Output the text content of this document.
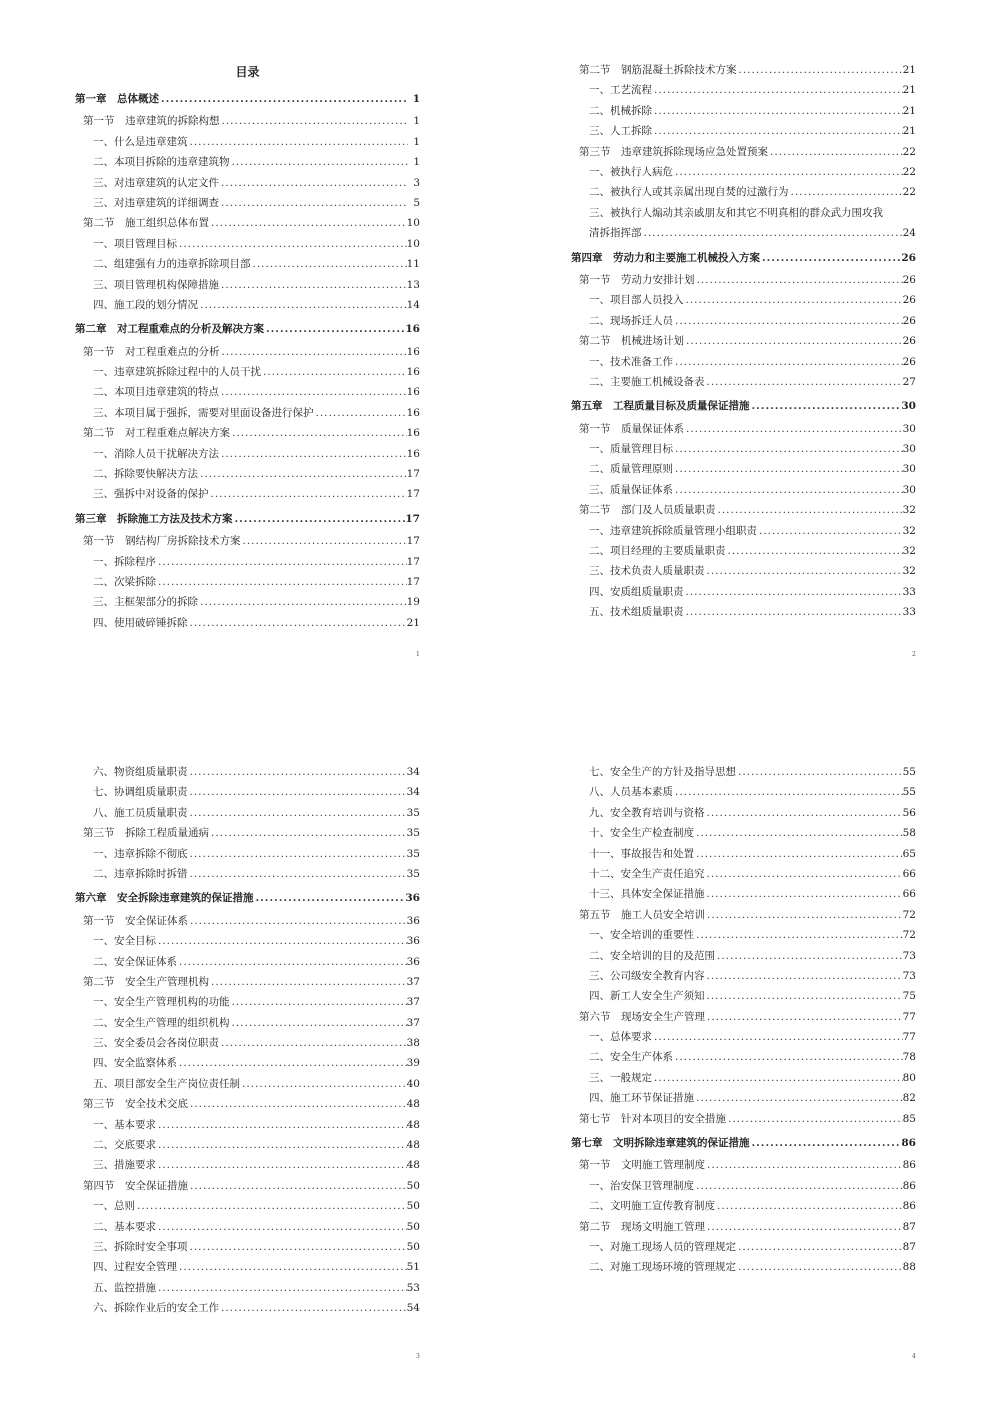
目录
第一章　总体概述 .....	1
第一节　违章建筑的拆除构想 .....	1
一、什么是违章建筑 .....	1
二、本项目拆除的违章建筑物 .....	1
三、对违章建筑的认定文件 .....	3
三、对违章建筑的详细调查 .....	5
第二节　施工组织总体布置 .....	10
一、项目管理目标 .....	10
二、组建强有力的违章拆除项目部 .....	11
三、项目管理机构保障措施 .....	13
四、施工段的划分情况 .....	14
第二章　对工程重难点的分析及解决方案 .....	16
第一节　对工程重难点的分析 .....	16
一、违章建筑拆除过程中的人员干扰 .....	16
二、本项目违章建筑的特点 .....	16
三、本项目属于强拆，需要对里面设备进行保护 .....	16
第二节　对工程重难点解决方案 .....	16
一、消除人员干扰解决方法 .....	16
二、拆除要快解决方法 .....	17
三、强拆中对设备的保护 .....	17
第三章　拆除施工方法及技术方案 .....	17
第一节　钢结构厂房拆除技术方案 .....	17
一、拆除程序 .....	17
二、次梁拆除 .....	17
三、主框架部分的拆除 .....	19
四、使用破碎锤拆除 .....	21
第二节　钢筋混凝土拆除技术方案 .....	21
一、工艺流程 .....	21
二、机械拆除 .....	21
三、人工拆除 .....	21
第三节　违章建筑拆除现场应急处置预案 .....	22
一、被执行人病危 .....	22
二、被执行人或其亲属出现自焚的过激行为 .....	22
三、被执行人煽动其亲戚朋友和其它不明真相的群众武力围攻我
清拆指挥部 .....	24
第四章　劳动力和主要施工机械投入方案 .....	26
第一节　劳动力安排计划 .....	26
一、项目部人员投入 .....	26
二、现场拆迁人员 .....	26
第二节　机械进场计划 .....	26
一、技术准备工作 .....	26
二、主要施工机械设备表 .....	27
第五章　工程质量目标及质量保证措施 .....	30
第一节　质量保证体系 .....	30
一、质量管理目标 .....	30
二、质量管理原则 .....	30
三、质量保证体系 .....	30
第二节　部门及人员质量职责 .....	32
一、违章建筑拆除质量管理小组职责 .....	32
二、项目经理的主要质量职责 .....	32
三、技术负责人质量职责 .....	32
四、安质组质量职责 .....	33
五、技术组质量职责 .....	33
六、物资组质量职责 .....	34
七、协调组质量职责 .....	34
八、施工员质量职责 .....	35
第三节　拆除工程质量通病 .....	35
一、违章拆除不彻底 .....	35
二、违章拆除时拆错 .....	35
第六章　安全拆除违章建筑的保证措施 .....	36
第一节　安全保证体系 .....	36
一、安全目标 .....	36
二、安全保证体系 .....	36
第二节　安全生产管理机构 .....	37
一、安全生产管理机构的功能 .....	37
二、安全生产管理的组织机构 .....	37
三、安全委员会各岗位职责 .....	38
四、安全监察体系 .....	39
五、项目部安全生产岗位责任制 .....	40
第三节　安全技术交底 .....	48
一、基本要求 .....	48
二、交底要求 .....	48
三、措施要求 .....	48
第四节　安全保证措施 .....	50
一、总则 .....	50
二、基本要求 .....	50
三、拆除时安全事项 .....	50
四、过程安全管理 .....	51
五、监控措施 .....	53
六、拆除作业后的安全工作 .....	54
七、安全生产的方针及指导思想 .....	55
八、人员基本素质 .....	55
九、安全教育培训与资格 .....	56
十、安全生产检查制度 .....	58
十一、事故报告和处置 .....	65
十二、安全生产责任追究 .....	66
十三、具体安全保证措施 .....	66
第五节　施工人员安全培训 .....	72
一、安全培训的重要性 .....	72
二、安全培训的目的及范围 .....	73
三、公司级安全教育内容 .....	73
四、新工人安全生产须知 .....	75
第六节　现场安全生产管理 .....	77
一、总体要求 .....	77
二、安全生产体系 .....	78
三、一般规定 .....	80
四、施工环节保证措施 .....	82
第七节　针对本项目的安全措施 .....	85
第七章　文明拆除违章建筑的保证措施 .....	86
第一节　文明施工管理制度 .....	86
一、治安保卫管理制度 .....	86
二、文明施工宣传教育制度 .....	86
第二节　现场文明施工管理 .....	87
一、对施工现场人员的管理规定 .....	87
二、对施工现场环境的管理规定 .....	88
1	2
3	4
